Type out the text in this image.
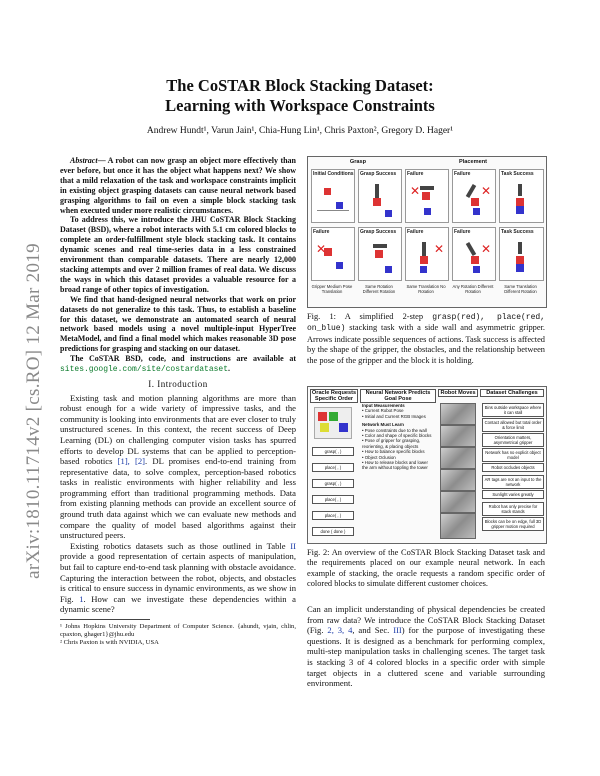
arXiv:1810.11714v2 [cs.RO] 12 Mar 2019
The CoSTAR Block Stacking Dataset:
Learning with Workspace Constraints
Andrew Hundt¹, Varun Jain¹, Chia-Hung Lin¹, Chris Paxton², Gregory D. Hager¹

Abstract— A robot can now grasp an object more effectively than ever before, but once it has the object what happens next? We show that a mild relaxation of the task and workspace constraints implicit in existing object grasping datasets can cause neural network based grasping algorithms to fail on even a simple block stacking task when executed under more realistic circumstances.

To address this, we introduce the JHU CoSTAR Block Stacking Dataset (BSD), where a robot interacts with 5.1 cm colored blocks to complete an order-fulfillment style block stacking task. It contains dynamic scenes and real time-series data in a less constrained environment than comparable datasets. There are nearly 12,000 stacking attempts and over 2 million frames of real data. We discuss the ways in which this dataset provides a valuable resource for a broad range of other topics of investigation.

We find that hand-designed neural networks that work on prior datasets do not generalize to this task. Thus, to establish a baseline for this dataset, we demonstrate an automated search of neural network based models using a novel multiple-input HyperTree MetaModel, and find a final model which makes reasonable 3D pose predictions for grasping and stacking on our dataset.

The CoSTAR BSD, code, and instructions are available at sites.google.com/site/costardataset.

I. Introduction

Existing task and motion planning algorithms are more than robust enough for a wide variety of impressive tasks, and the community is looking into environments that are ever closer to truly unstructured scenes. In this context, the recent success of Deep Learning (DL) on challenging computer vision tasks has spurred efforts to develop DL systems that can be applied to perception-based robotics [1], [2]. DL promises end-to-end training from representative data, to solve complex, perception-based robotics tasks in realistic environments with higher reliability and less programming effort than traditional programming methods. Data from existing planning methods can provide an excellent source of ground truth data against which we can evaluate new methods and compare the quality of model based algorithms against their unstructured peers.

Existing robotics datasets such as those outlined in Table II provide a good representation of certain aspects of manipulation, but fail to capture end-to-end task planning with obstacle avoidance. Capturing the interaction between the robot, objects, and obstacles is critical to ensure success in dynamic environments, as we show in Fig. 1. How can we investigate these dependencies within a dynamic scene?

¹ Johns Hopkins University Department of Computer Science. {ahundt, vjain, chlin, cpaxton, ghager1}@jhu.edu
² Chris Paxton is with NVIDIA, USA
Grasp	Placement
Initial Conditions Grasp Success Failure
✕
Failure
✕
Task Success
Failure
✕
Grasp Success Failure
✕
Failure
✕
Task Success
Gripper Medium Pose Translation
Same Rotation Different Rotation
Same Translation No Rotation
Any Rotation Different Rotation
Same Translation Different Rotation
Fig. 1: A simplified 2-step grasp(red), place(red, on_blue) stacking task with a side wall and asymmetric gripper. Arrows indicate possible sequences of actions. Task success is affected by the shape of the gripper, the obstacles, and the relationship between the pose of the gripper and the block it is holding.
Oracle Requests Specific Order
Neural Network Predicts Goal Pose
Robot Moves	Dataset Challenges
grasp( , )
place( , )
grasp( , )
place( , )
place( , )
done ( done )
Input Measurements
• Current Robot Pose
• Initial and Current RGB Images
Network Must Learn
• Pose constraints due to the wall
• Color and shape of specific blocks
• Pose of gripper for grasping, reorienting, & placing objects
• How to balance specific blocks
• Object Oclusion
• How to release blocks and lower the arm without toppling the tower
Bins outside workspace where it can stall
Contact allowed but total order & force limit
Orientation matters, asymmetrical gripper
Network has no explicit object model
Robot occludes objects
AR tags are not an input to the network
Sunlight varies greatly
Robot has only precise for stack stands
Blocks can be on edge, full 3D gripper motion required
Fig. 2: An overview of the CoSTAR Block Stacking Dataset task and the requirements placed on our example neural network. In each example of stacking, the oracle requests a random specific order of colored blocks to simulate different customer choices.

Can an implicit understanding of physical dependencies be created from raw data? We introduce the CoSTAR Block Stacking Dataset (Fig. 2, 3, 4, and Sec. III) for the purpose of investigating these questions. It is designed as a benchmark for performing complex, multi-step manipulation tasks in challenging scenes. The target task is stacking 3 of 4 colored blocks in a specific order with simple target objects in a cluttered scene and variable surrounding environment.
